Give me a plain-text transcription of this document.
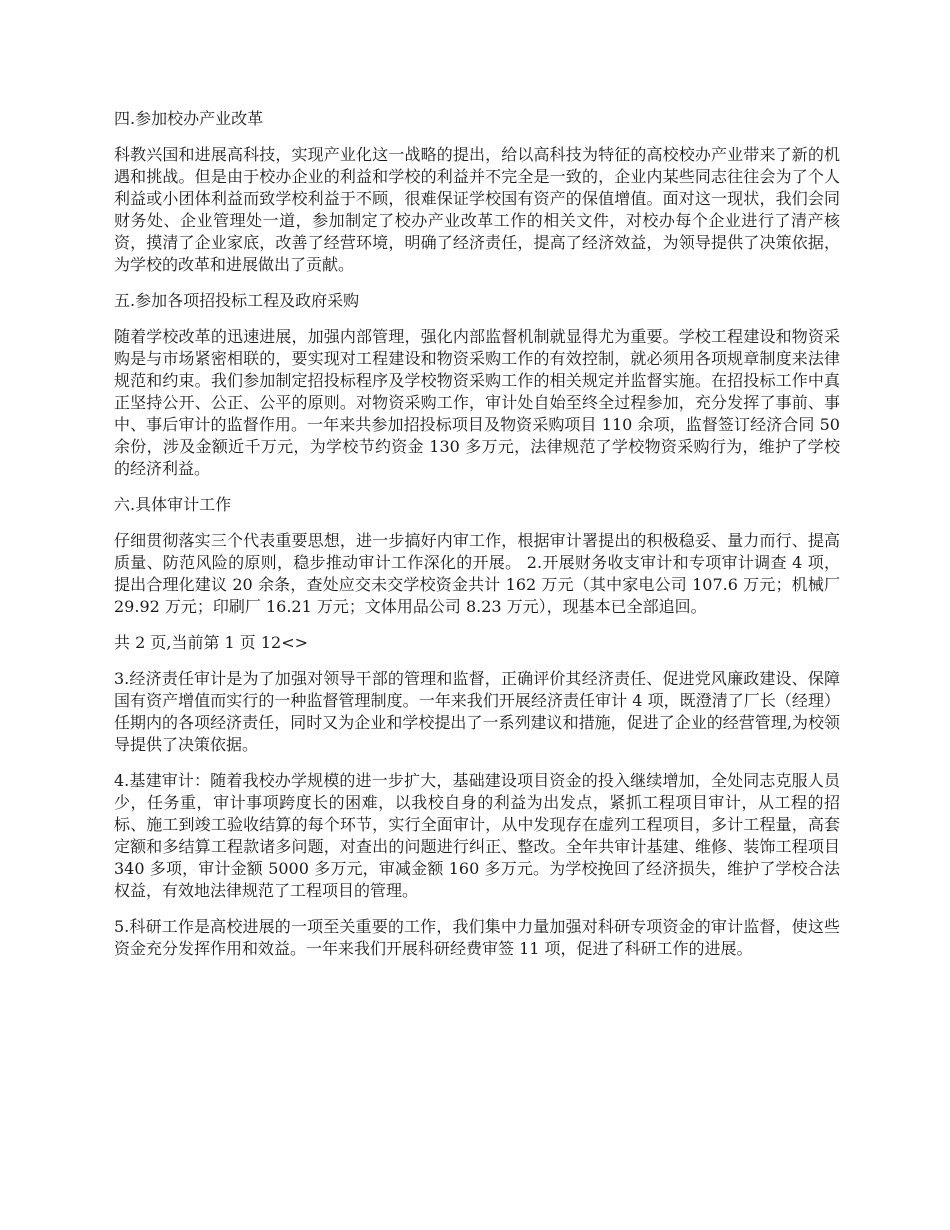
四.参加校办产业改革

科教兴国和进展高科技，实现产业化这一战略的提出，给以高科技为特征的高校校办产业带来了新的机遇和挑战。但是由于校办企业的利益和学校的利益并不完全是一致的，企业内某些同志往往会为了个人利益或小团体利益而致学校利益于不顾，很难保证学校国有资产的保值增值。面对这一现状，我们会同财务处、企业管理处一道，参加制定了校办产业改革工作的相关文件，对校办每个企业进行了清产核资，摸清了企业家底，改善了经营环境，明确了经济责任，提高了经济效益，为领导提供了决策依据，为学校的改革和进展做出了贡献。

五.参加各项招投标工程及政府采购

随着学校改革的迅速进展，加强内部管理，强化内部监督机制就显得尤为重要。学校工程建设和物资采购是与市场紧密相联的，要实现对工程建设和物资采购工作的有效控制，就必须用各项规章制度来法律规范和约束。我们参加制定招投标程序及学校物资采购工作的相关规定并监督实施。在招投标工作中真正坚持公开、公正、公平的原则。对物资采购工作，审计处自始至终全过程参加，充分发挥了事前、事中、事后审计的监督作用。一年来共参加招投标项目及物资采购项目 110 余项，监督签订经济合同 50 余份，涉及金额近千万元，为学校节约资金 130 多万元，法律规范了学校物资采购行为，维护了学校的经济利益。

六.具体审计工作

仔细贯彻落实三个代表重要思想，进一步搞好内审工作，根据审计署提出的积极稳妥、量力而行、提高质量、防范风险的原则，稳步推动审计工作深化的开展。 2.开展财务收支审计和专项审计调查 4 项，提出合理化建议 20 余条，查处应交未交学校资金共计 162 万元（其中家电公司 107.6 万元；机械厂 29.92 万元；印刷厂 16.21 万元；文体用品公司 8.23 万元），现基本已全部追回。

共 2 页,当前第 1 页 12<>

3.经济责任审计是为了加强对领导干部的管理和监督，正确评价其经济责任、促进党风廉政建设、保障国有资产增值而实行的一种监督管理制度。一年来我们开展经济责任审计 4 项，既澄清了厂长（经理）任期内的各项经济责任，同时又为企业和学校提出了一系列建议和措施，促进了企业的经营管理,为校领导提供了决策依据。

4.基建审计：随着我校办学规模的进一步扩大，基础建设项目资金的投入继续增加，全处同志克服人员少，任务重，审计事项跨度长的困难，以我校自身的利益为出发点，紧抓工程项目审计，从工程的招标、施工到竣工验收结算的每个环节，实行全面审计，从中发现存在虚列工程项目，多计工程量，高套定额和多结算工程款诸多问题，对查出的问题进行纠正、整改。全年共审计基建、维修、装饰工程项目 340 多项，审计金额 5000 多万元，审减金额 160 多万元。为学校挽回了经济损失，维护了学校合法权益，有效地法律规范了工程项目的管理。

5.科研工作是高校进展的一项至关重要的工作，我们集中力量加强对科研专项资金的审计监督，使这些资金充分发挥作用和效益。一年来我们开展科研经费审签 11 项，促进了科研工作的进展。
